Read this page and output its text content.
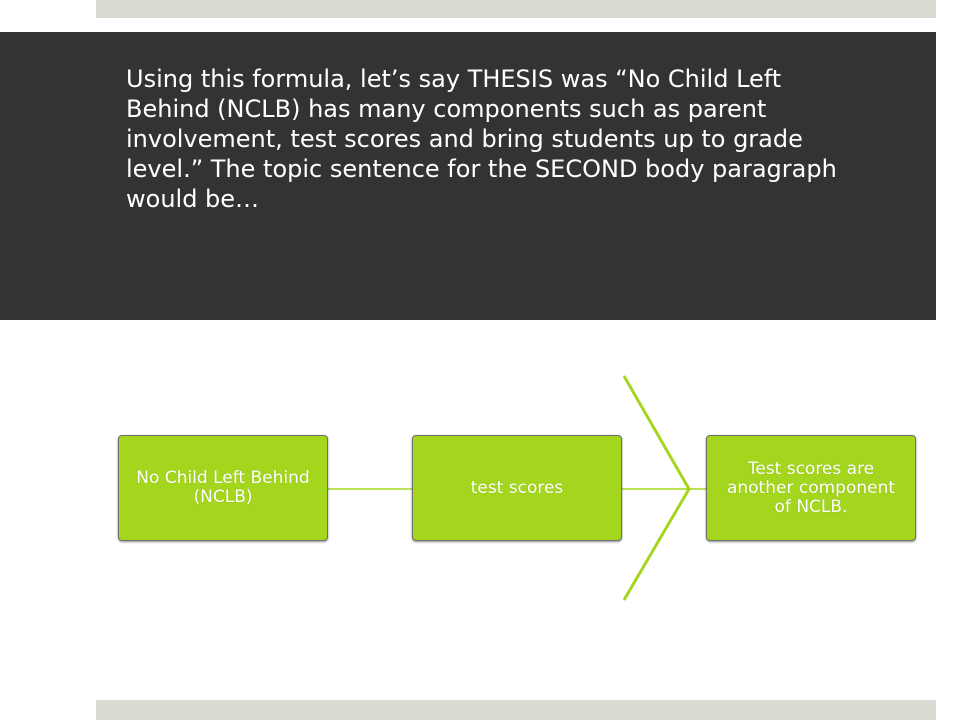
Using this formula, let’s say THESIS was “No Child Left Behind (NCLB) has many components such as parent involvement, test scores and bring students up to grade level.” The topic sentence for the SECOND body paragraph would be…

No Child Left Behind (NCLB)	test scores
Test scores are another component of NCLB.
